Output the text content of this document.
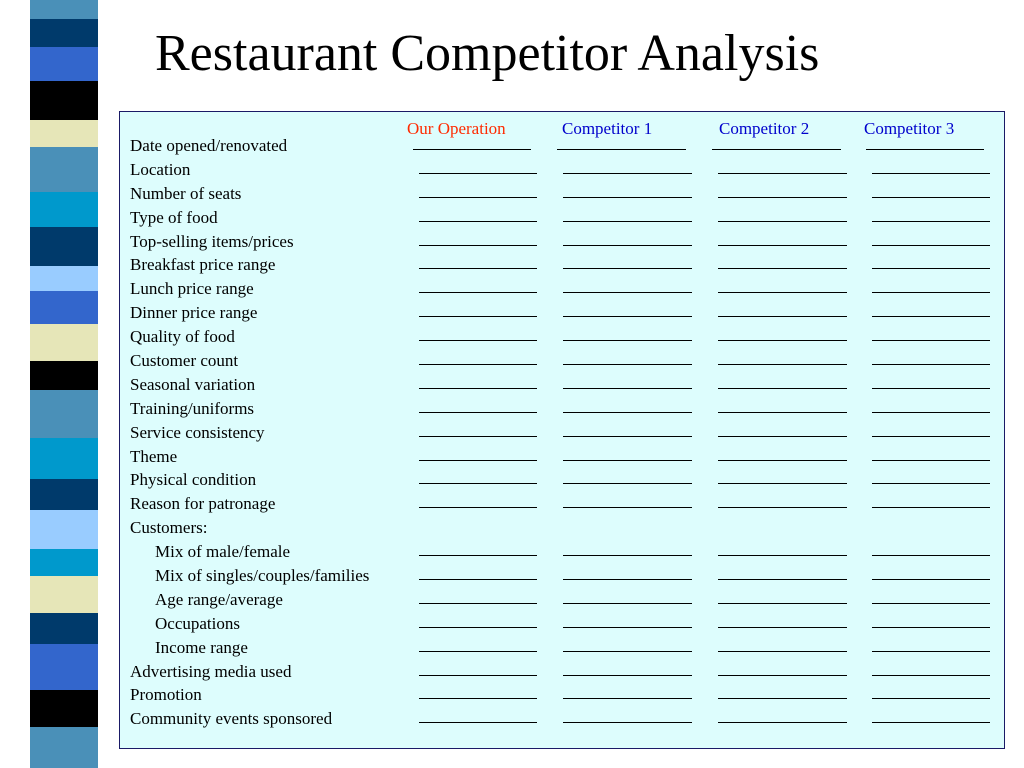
Restaurant Competitor Analysis
Our Operation	Competitor 1	Competitor 2	Competitor 3
Date opened/renovated
Location
Number of seats
Type of food
Top-selling items/prices
Breakfast price range
Lunch price range
Dinner price range
Quality of food
Customer count
Seasonal variation
Training/uniforms
Service consistency
Theme
Physical condition
Reason for patronage
Customers:
Mix of male/female
Mix of singles/couples/families
Age range/average
Occupations
Income range
Advertising media used
Promotion
Community events sponsored
